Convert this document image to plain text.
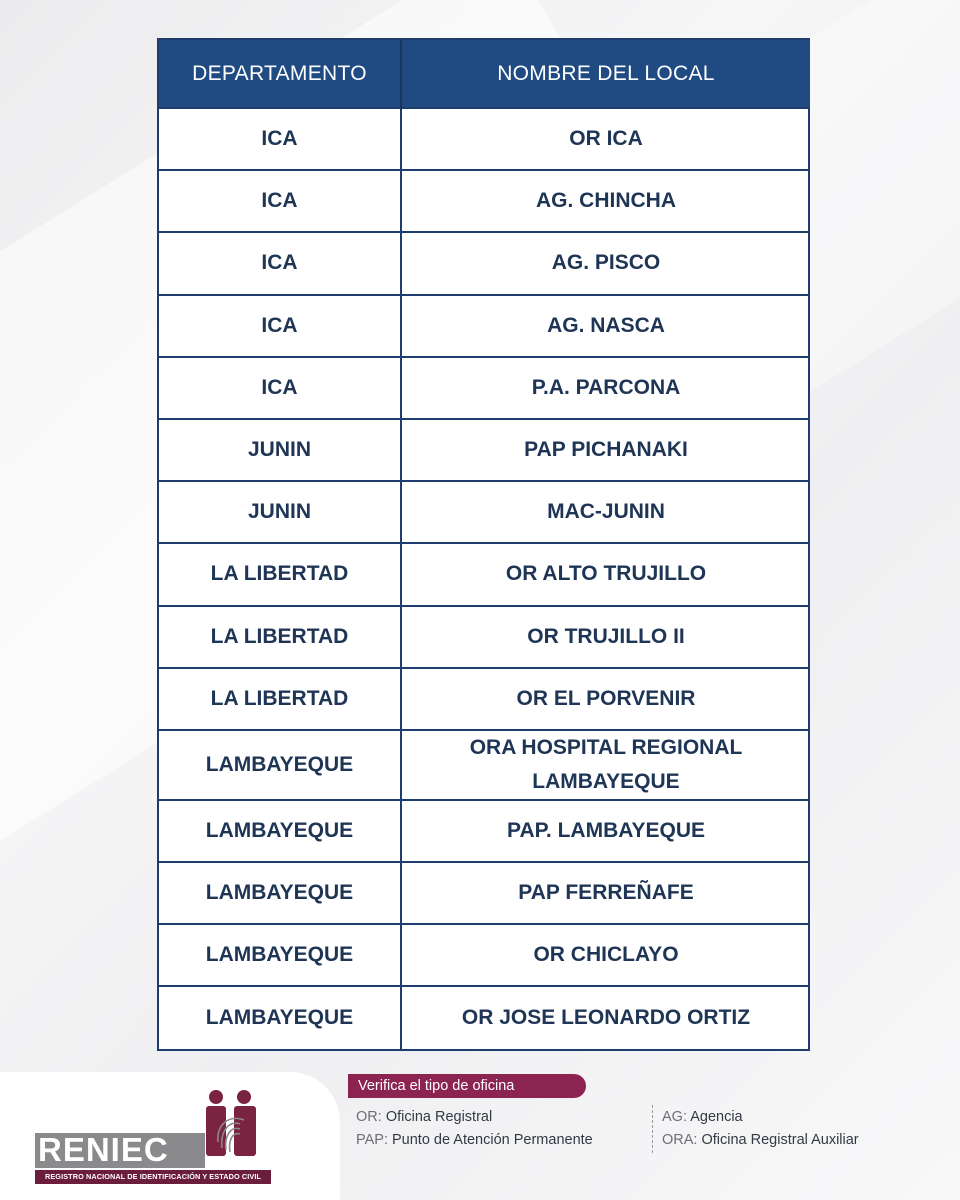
DEPARTAMENTO	NOMBRE DEL LOCAL
ICA	OR ICA
ICA	AG. CHINCHA
ICA	AG. PISCO
ICA	AG. NASCA
ICA	P.A. PARCONA
JUNIN	PAP PICHANAKI
JUNIN	MAC-JUNIN
LA LIBERTAD	OR ALTO TRUJILLO
LA LIBERTAD	OR TRUJILLO II
LA LIBERTAD	OR EL PORVENIR
LAMBAYEQUE	ORA HOSPITAL REGIONAL LAMBAYEQUE
LAMBAYEQUE	PAP. LAMBAYEQUE
LAMBAYEQUE	PAP FERREÑAFE
LAMBAYEQUE	OR CHICLAYO
LAMBAYEQUE	OR JOSE LEONARDO ORTIZ
RENIEC
REGISTRO NACIONAL DE IDENTIFICACIÓN Y ESTADO CIVIL
Verifica el tipo de oficina
OR: Oficina Registral
PAP: Punto de Atención Permanente
AG: Agencia
ORA: Oficina Registral Auxiliar
